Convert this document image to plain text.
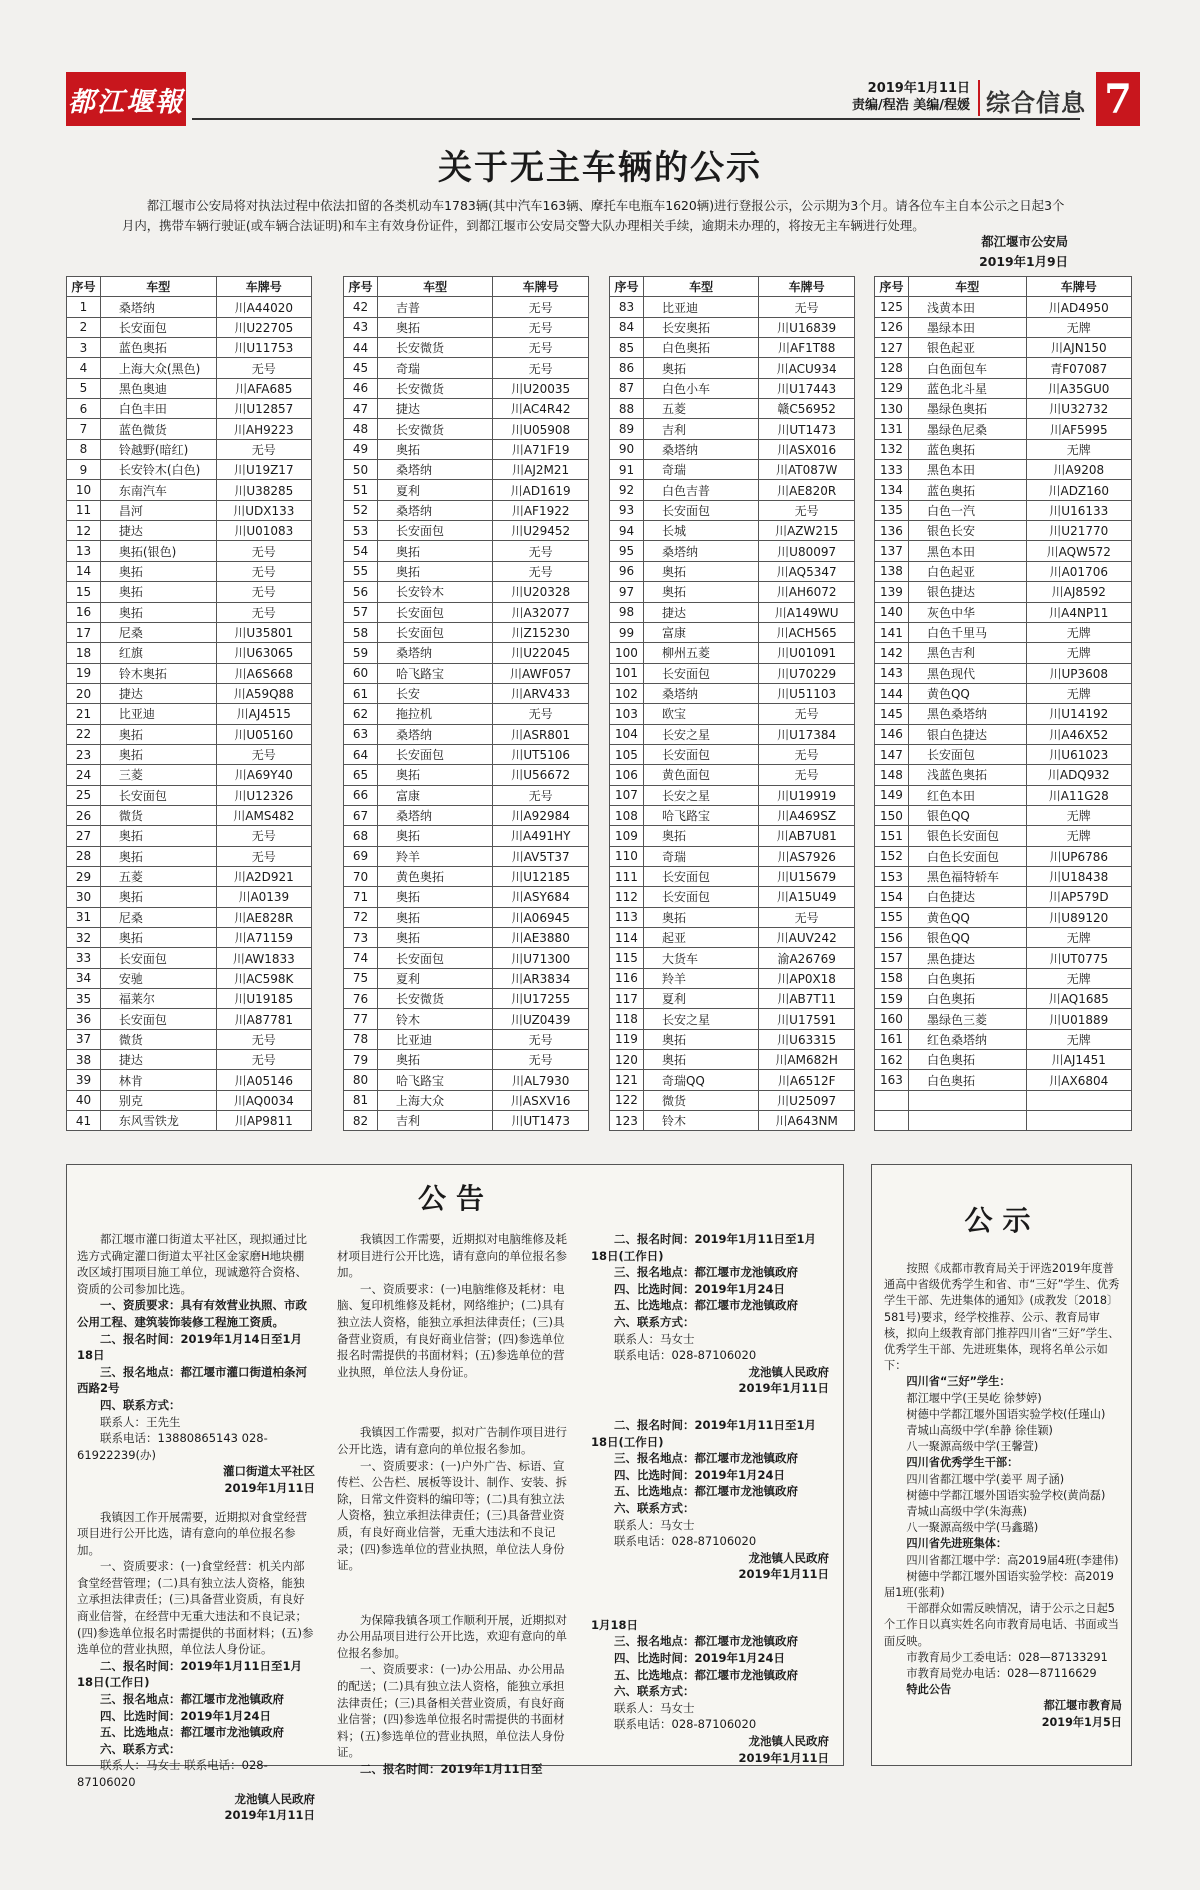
都江堰報	2019年1月11日
责编/程浩 美编/程媛 综合信息 7
关于无主车辆的公示
都江堰市公安局将对执法过程中依法扣留的各类机动车1783辆(其中汽车163辆、摩托车电瓶车1620辆)进行登报公示，公示期为3个月。请各位车主自本公示之日起3个月内，携带车辆行驶证(或车辆合法证明)和车主有效身份证件，到都江堰市公安局交警大队办理相关手续，逾期未办理的，将按无主车辆进行处理。
都江堰市公安局
2019年1月9日
序号	车型	车牌号
1	桑塔纳	川A44020
2	长安面包	川U22705
3	蓝色奥拓	川U11753
4	上海大众(黑色)	无号
5	黑色奥迪	川AFA685
6	白色丰田	川U12857
7	蓝色微货	川AH9223
8	铃越野(暗红)	无号
9	长安铃木(白色)	川U19Z17
10	东南汽车	川U38285
11	昌河	川UDX133
12	捷达	川U01083
13	奥拓(银色)	无号
14	奥拓	无号
15	奥拓	无号
16	奥拓	无号
17	尼桑	川U35801
18	红旗	川U63065
19	铃木奥拓	川A6S668
20	捷达	川A59Q88
21	比亚迪	川AJ4515
22	奥拓	川U05160
23	奥拓	无号
24	三菱	川A69Y40
25	长安面包	川U12326
26	微货	川AMS482
27	奥拓	无号
28	奥拓	无号
29	五菱	川A2D921
30	奥拓	川A0139
31	尼桑	川AE828R
32	奥拓	川A71159
33	长安面包	川AW1833
34	安驰	川AC598K
35	福莱尔	川U19185
36	长安面包	川A87781
37	微货	无号
38	捷达	无号
39	林肯	川A05146
40	别克	川AQ0034
41	东风雪铁龙	川AP9811
序号	车型	车牌号
42	吉普	无号
43	奥拓	无号
44	长安微货	无号
45	奇瑞	无号
46	长安微货	川U20035
47	捷达	川AC4R42
48	长安微货	川U05908
49	奥拓	川A71F19
50	桑塔纳	川AJ2M21
51	夏利	川AD1619
52	桑塔纳	川AF1922
53	长安面包	川U29452
54	奥拓	无号
55	奥拓	无号
56	长安铃木	川U20328
57	长安面包	川A32077
58	长安面包	川Z15230
59	桑塔纳	川U22045
60	哈飞路宝	川AWF057
61	长安	川ARV433
62	拖拉机	无号
63	桑塔纳	川ASR801
64	长安面包	川UT5106
65	奥拓	川U56672
66	富康	无号
67	桑塔纳	川A92984
68	奥拓	川A491HY
69	羚羊	川AV5T37
70	黄色奥拓	川U12185
71	奥拓	川ASY684
72	奥拓	川A06945
73	奥拓	川AE3880
74	长安面包	川U71300
75	夏利	川AR3834
76	长安微货	川U17255
77	铃木	川UZ0439
78	比亚迪	无号
79	奥拓	无号
80	哈飞路宝	川AL7930
81	上海大众	川ASXV16
82	吉利	川UT1473
序号	车型	车牌号
83	比亚迪	无号
84	长安奥拓	川U16839
85	白色奥拓	川AF1T88
86	奥拓	川ACU934
87	白色小车	川U17443
88	五菱	赣C56952
89	吉利	川UT1473
90	桑塔纳	川ASX016
91	奇瑞	川AT087W
92	白色吉普	川AE820R
93	长安面包	无号
94	长城	川AZW215
95	桑塔纳	川U80097
96	奥拓	川AQ5347
97	奥拓	川AH6072
98	捷达	川A149WU
99	富康	川ACH565
100	柳州五菱	川U01091
101	长安面包	川U70229
102	桑塔纳	川U51103
103	欧宝	无号
104	长安之星	川U17384
105	长安面包	无号
106	黄色面包	无号
107	长安之星	川U19919
108	哈飞路宝	川A469SZ
109	奥拓	川AB7U81
110	奇瑞	川AS7926
111	长安面包	川U15679
112	长安面包	川A15U49
113	奥拓	无号
114	起亚	川AUV242
115	大货车	渝A26769
116	羚羊	川AP0X18
117	夏利	川AB7T11
118	长安之星	川U17591
119	奥拓	川U63315
120	奥拓	川AM682H
121	奇瑞QQ	川A6512F
122	微货	川U25097
123	铃木	川A643NM
序号	车型	车牌号
125	浅黄本田	川AD4950
126	墨绿本田	无牌
127	银色起亚	川AJN150
128	白色面包车	青F07087
129	蓝色北斗星	川A35GU0
130	墨绿色奥拓	川U32732
131	墨绿色尼桑	川AF5995
132	蓝色奥拓	无牌
133	黑色本田	川A9208
134	蓝色奥拓	川ADZ160
135	白色一汽	川U16133
136	银色长安	川U21770
137	黑色本田	川AQW572
138	白色起亚	川A01706
139	银色捷达	川AJ8592
140	灰色中华	川A4NP11
141	白色千里马	无牌
142	黑色吉利	无牌
143	黑色现代	川UP3608
144	黄色QQ	无牌
145	黑色桑塔纳	川U14192
146	银白色捷达	川A46X52
147	长安面包	川U61023
148	浅蓝色奥拓	川ADQ932
149	红色本田	川A11G28
150	银色QQ	无牌
151	银色长安面包	无牌
152	白色长安面包	川UP6786
153	黑色福特轿车	川U18438
154	白色捷达	川AP579D
155	黄色QQ	川U89120
156	银色QQ	无牌
157	黑色捷达	川UT0775
158	白色奥拓	无牌
159	白色奥拓	川AQ1685
160	墨绿色三菱	川U01889
161	红色桑塔纳	无牌
162	白色奥拓	川AJ1451
163	白色奥拓	川AX6804

公告

都江堰市灌口街道太平社区，现拟通过比选方式确定灌口街道太平社区金家磨H地块棚改区域打围项目施工单位，现诚邀符合资格、资质的公司参加比选。

一、资质要求：具有有效营业执照、市政公用工程、建筑装饰装修工程施工资质。

二、报名时间：2019年1月14日至1月18日

三、报名地点：都江堰市灌口街道柏条河西路2号

四、联系方式：

联系人：王先生

联系电话：13880865143 028-61922239(办)

灌口街道太平社区

2019年1月11日

我镇因工作开展需要，近期拟对食堂经营项目进行公开比选，请有意向的单位报名参加。

一、资质要求：(一)食堂经营：机关内部食堂经营管理；(二)具有独立法人资格，能独立承担法律责任；(三)具备营业资质，有良好商业信誉，在经营中无重大违法和不良记录；(四)参选单位报名时需提供的书面材料；(五)参选单位的营业执照，单位法人身份证。

二、报名时间：2019年1月11日至1月18日(工作日)

三、报名地点：都江堰市龙池镇政府

四、比选时间：2019年1月24日

五、比选地点：都江堰市龙池镇政府

六、联系方式：

联系人：马女士 联系电话：028-87106020

龙池镇人民政府

2019年1月11日

我镇因工作需要，近期拟对电脑维修及耗材项目进行公开比选，请有意向的单位报名参加。

一、资质要求：(一)电脑维修及耗材：电脑、复印机维修及耗材，网络维护；(二)具有独立法人资格，能独立承担法律责任；(三)具备营业资质，有良好商业信誉；(四)参选单位报名时需提供的书面材料；(五)参选单位的营业执照，单位法人身份证。

我镇因工作需要，拟对广告制作项目进行公开比选，请有意向的单位报名参加。

一、资质要求：(一)户外广告、标语、宣传栏、公告栏、展板等设计、制作、安装、拆除，日常文件资料的编印等；(二)具有独立法人资格，独立承担法律责任；(三)具备营业资质，有良好商业信誉，无重大违法和不良记录；(四)参选单位的营业执照，单位法人身份证。

为保障我镇各项工作顺利开展，近期拟对办公用品项目进行公开比选，欢迎有意向的单位报名参加。

一、资质要求：(一)办公用品、办公用品的配送；(二)具有独立法人资格，能独立承担法律责任；(三)具备相关营业资质，有良好商业信誉；(四)参选单位报名时需提供的书面材料；(五)参选单位的营业执照，单位法人身份证。

二、报名时间：2019年1月11日至

二、报名时间：2019年1月11日至1月18日(工作日)

三、报名地点：都江堰市龙池镇政府

四、比选时间：2019年1月24日

五、比选地点：都江堰市龙池镇政府

六、联系方式：

联系人：马女士

联系电话：028-87106020

龙池镇人民政府

2019年1月11日

二、报名时间：2019年1月11日至1月18日(工作日)

三、报名地点：都江堰市龙池镇政府

四、比选时间：2019年1月24日

五、比选地点：都江堰市龙池镇政府

六、联系方式：

联系人：马女士

联系电话：028-87106020

龙池镇人民政府

2019年1月11日

1月18日

三、报名地点：都江堰市龙池镇政府

四、比选时间：2019年1月24日

五、比选地点：都江堰市龙池镇政府

六、联系方式：

联系人：马女士

联系电话：028-87106020

龙池镇人民政府

2019年1月11日

公示

按照《成都市教育局关于评选2019年度普通高中省级优秀学生和省、市“三好”学生、优秀学生干部、先进集体的通知》(成教发〔2018〕581号)要求，经学校推荐、公示、教育局审核，拟向上级教育部门推荐四川省“三好”学生、优秀学生干部、先进班集体，现将名单公示如下：

四川省“三好”学生：

都江堰中学(王昊屹 徐梦婷)

树德中学都江堰外国语实验学校(任瑾山)

青城山高级中学(牟静 徐佳颖)

八一聚源高级中学(王馨萱)

四川省优秀学生干部：

四川省都江堰中学(姜平 周子涵)

树德中学都江堰外国语实验学校(黄尚磊)

青城山高级中学(朱海燕)

八一聚源高级中学(马鑫璐)

四川省先进班集体：

四川省都江堰中学：高2019届4班(李建伟)

树德中学都江堰外国语实验学校：高2019届1班(张莉)

干部群众如需反映情况，请于公示之日起5个工作日以真实姓名向市教育局电话、书面或当面反映。

市教育局少工委电话：028—87133291

市教育局党办电话：028—87116629

特此公告

都江堰市教育局

2019年1月5日
